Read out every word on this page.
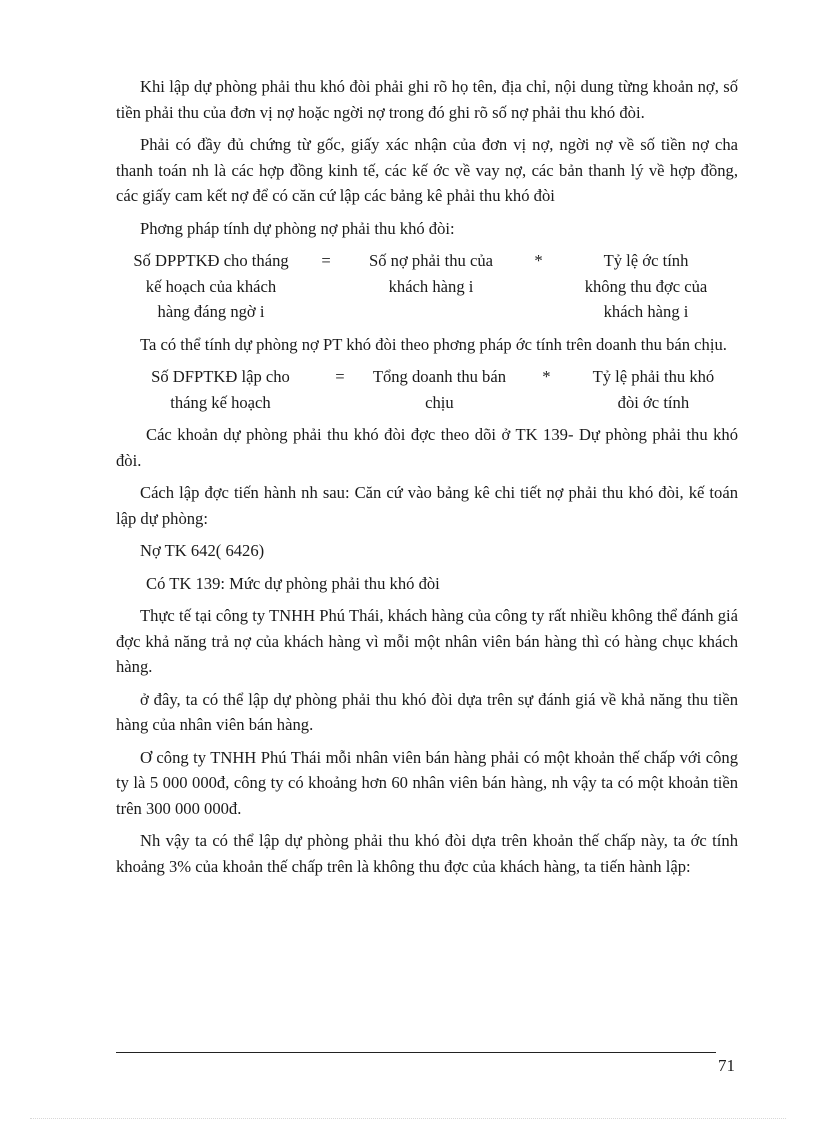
Khi lập dự phòng phải thu khó đòi phải ghi rõ họ tên, địa chỉ, nội dung từng khoản nợ, số tiền phải thu của đơn vị nợ hoặc ngời nợ trong đó ghi rõ số nợ phải thu khó đòi.

Phải có đầy đủ chứng từ gốc, giấy xác nhận của đơn vị nợ, ngời nợ về số tiền nợ cha thanh toán nh là các hợp đồng kinh tế, các kế ớc về vay nợ, các bản thanh lý về hợp đồng, các giấy cam kết nợ để có căn cứ lập các bảng kê phải thu khó đòi

Phơng pháp tính dự phòng nợ phải thu khó đòi:

Số DPPTKĐ cho tháng
kế hoạch của khách
hàng đáng ngờ i
=	Số nợ phải thu của
khách hàng i
*	Tỷ lệ ớc tính
không thu đợc của
khách hàng i

Ta có thể tính dự phòng nợ PT khó đòi theo phơng pháp ớc tính trên doanh thu bán chịu.

Số DFPTKĐ lập cho
tháng kế hoạch
=	Tổng doanh thu bán
chịu
*	Tỷ lệ phải thu khó
đòi ớc tính

Các khoản dự phòng phải thu khó đòi đợc theo dõi ở TK 139- Dự phòng phải thu khó đòi.

Cách lập đợc tiến hành nh sau: Căn cứ vào bảng kê chi tiết nợ phải thu khó đòi, kế toán lập dự phòng:

Nợ TK 642( 6426)

Có TK 139: Mức dự phòng phải thu khó đòi

Thực tế tại công ty TNHH Phú Thái, khách hàng của công ty rất nhiều không thể đánh giá đợc khả năng trả nợ của khách hàng vì mỗi một nhân viên bán hàng thì có hàng chục khách hàng.

ở đây, ta có thể lập dự phòng phải thu khó đòi dựa trên sự đánh giá về khả năng thu tiền hàng của nhân viên bán hàng.

Ơ công ty TNHH Phú Thái mỗi nhân viên bán hàng phải có một khoản thế chấp với công ty là 5 000 000đ, công ty có khoảng hơn 60 nhân viên bán hàng, nh vậy ta có một khoản tiền trên 300 000 000đ.

Nh vậy ta có thể lập dự phòng phải thu khó đòi dựa trên khoản thế chấp này, ta ớc tính khoảng 3% của khoản thế chấp trên là không thu đợc của khách hàng, ta tiến hành lập:

71
